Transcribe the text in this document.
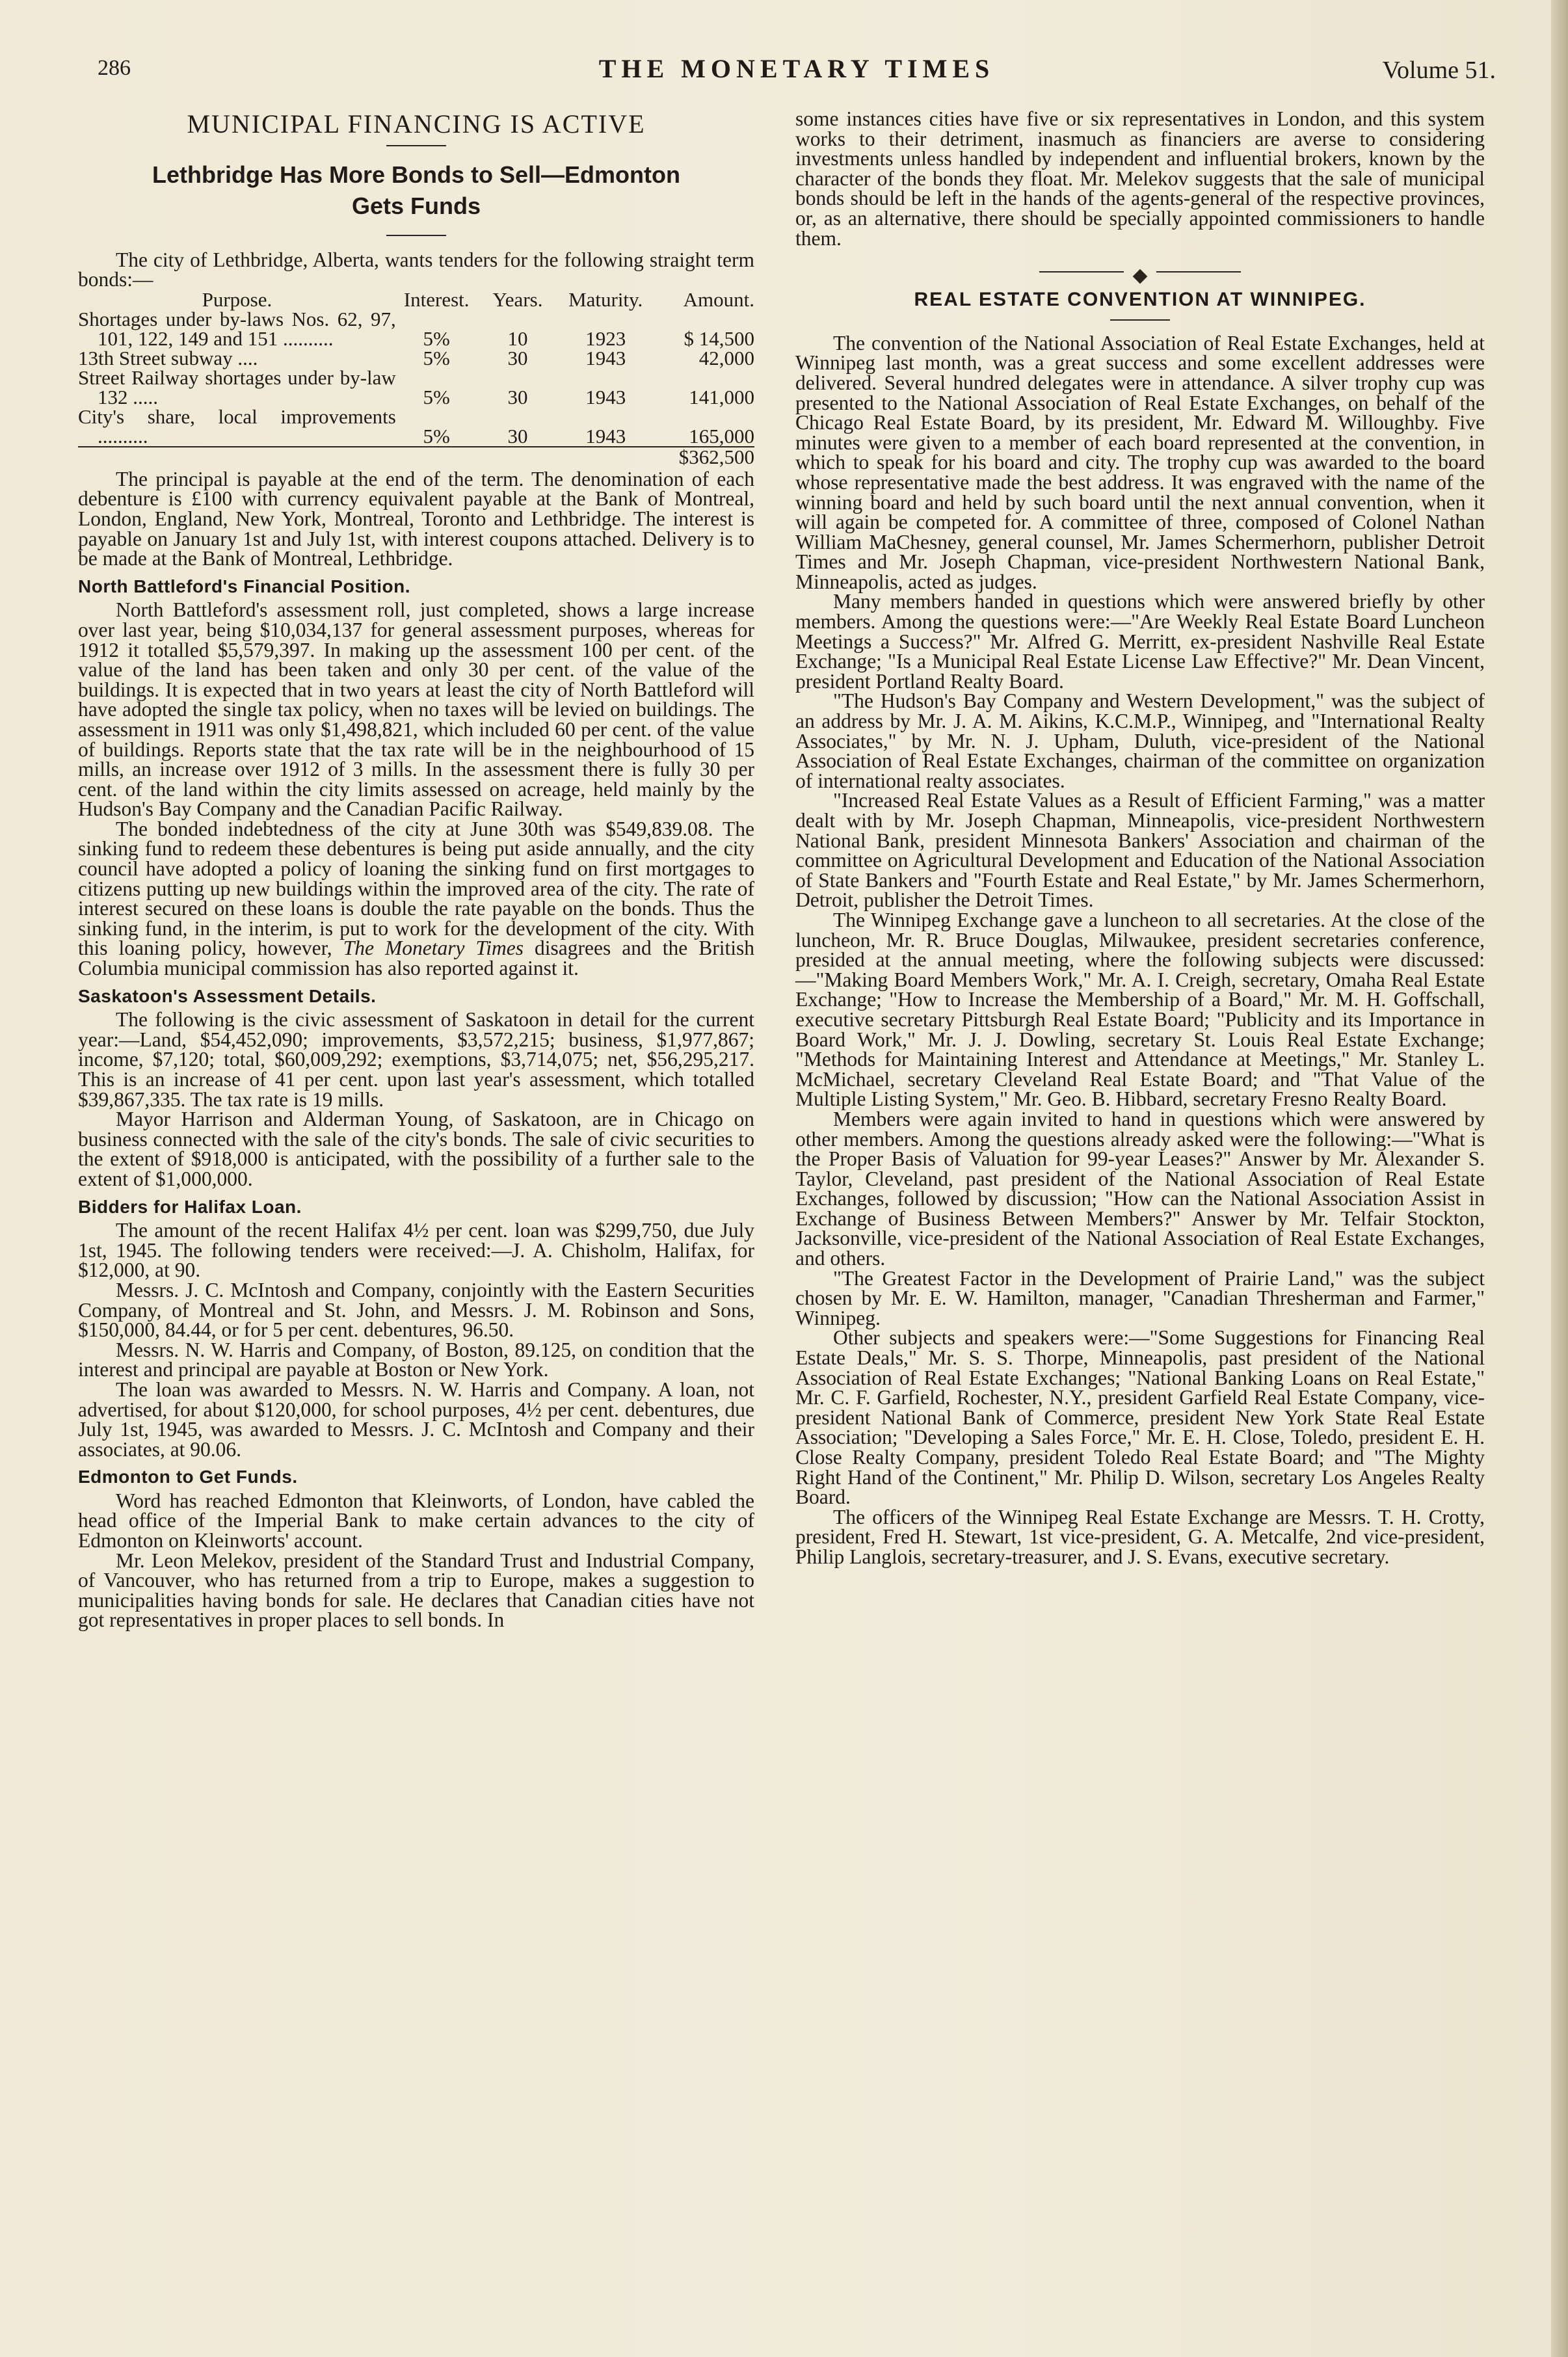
286	THE MONETARY TIMES	Volume 51.
MUNICIPAL FINANCING IS ACTIVE
Lethbridge Has More Bonds to Sell—Edmonton Gets Funds

The city of Lethbridge, Alberta, wants tenders for the following straight term bonds:—

Purpose.	Interest.	Years.	Maturity.	Amount.

Shortages under by-laws Nos. 62, 97, 101, 122, 149 and 151 ..........	5%	10	1923	$ 14,500

13th Street subway ....	5%	30	1943	42,000

Street Railway shortages under by-law 132 .....	5%	30	1943	141,000

City's share, local improvements ..........	5%	30	1943	165,000
				$362,500

The principal is payable at the end of the term. The denomination of each debenture is £100 with currency equivalent payable at the Bank of Montreal, London, England, New York, Montreal, Toronto and Lethbridge. The interest is payable on January 1st and July 1st, with interest coupons attached. Delivery is to be made at the Bank of Montreal, Lethbridge.

North Battleford's Financial Position.

North Battleford's assessment roll, just completed, shows a large increase over last year, being $10,034,137 for general assessment purposes, whereas for 1912 it totalled $5,579,397. In making up the assessment 100 per cent. of the value of the land has been taken and only 30 per cent. of the value of the buildings. It is expected that in two years at least the city of North Battleford will have adopted the single tax policy, when no taxes will be levied on buildings. The assessment in 1911 was only $1,498,821, which included 60 per cent. of the value of buildings. Reports state that the tax rate will be in the neighbourhood of 15 mills, an increase over 1912 of 3 mills. In the assessment there is fully 30 per cent. of the land within the city limits assessed on acreage, held mainly by the Hudson's Bay Company and the Canadian Pacific Railway.

The bonded indebtedness of the city at June 30th was $549,839.08. The sinking fund to redeem these debentures is being put aside annually, and the city council have adopted a policy of loaning the sinking fund on first mortgages to citizens putting up new buildings within the improved area of the city. The rate of interest secured on these loans is double the rate payable on the bonds. Thus the sinking fund, in the interim, is put to work for the development of the city. With this loaning policy, however, The Monetary Times disagrees and the British Columbia municipal commission has also reported against it.

Saskatoon's Assessment Details.

The following is the civic assessment of Saskatoon in detail for the current year:—Land, $54,452,090; improvements, $3,572,215; business, $1,977,867; income, $7,120; total, $60,009,292; exemptions, $3,714,075; net, $56,295,217. This is an increase of 41 per cent. upon last year's assessment, which totalled $39,867,335. The tax rate is 19 mills.

Mayor Harrison and Alderman Young, of Saskatoon, are in Chicago on business connected with the sale of the city's bonds. The sale of civic securities to the extent of $918,000 is anticipated, with the possibility of a further sale to the extent of $1,000,000.

Bidders for Halifax Loan.

The amount of the recent Halifax 4½ per cent. loan was $299,750, due July 1st, 1945. The following tenders were received:—J. A. Chisholm, Halifax, for $12,000, at 90.

Messrs. J. C. McIntosh and Company, conjointly with the Eastern Securities Company, of Montreal and St. John, and Messrs. J. M. Robinson and Sons, $150,000, 84.44, or for 5 per cent. debentures, 96.50.

Messrs. N. W. Harris and Company, of Boston, 89.125, on condition that the interest and principal are payable at Boston or New York.

The loan was awarded to Messrs. N. W. Harris and Company. A loan, not advertised, for about $120,000, for school purposes, 4½ per cent. debentures, due July 1st, 1945, was awarded to Messrs. J. C. McIntosh and Company and their associates, at 90.06.

Edmonton to Get Funds.

Word has reached Edmonton that Kleinworts, of London, have cabled the head office of the Imperial Bank to make certain advances to the city of Edmonton on Kleinworts' account.

Mr. Leon Melekov, president of the Standard Trust and Industrial Company, of Vancouver, who has returned from a trip to Europe, makes a suggestion to municipalities having bonds for sale. He declares that Canadian cities have not got representatives in proper places to sell bonds. In

some instances cities have five or six representatives in London, and this system works to their detriment, inasmuch as financiers are averse to considering investments unless handled by independent and influential brokers, known by the character of the bonds they float. Mr. Melekov suggests that the sale of municipal bonds should be left in the hands of the agents-general of the respective provinces, or, as an alternative, there should be specially appointed commissioners to handle them.

REAL ESTATE CONVENTION AT WINNIPEG.

The convention of the National Association of Real Estate Exchanges, held at Winnipeg last month, was a great success and some excellent addresses were delivered. Several hundred delegates were in attendance. A silver trophy cup was presented to the National Association of Real Estate Exchanges, on behalf of the Chicago Real Estate Board, by its president, Mr. Edward M. Willoughby. Five minutes were given to a member of each board represented at the convention, in which to speak for his board and city. The trophy cup was awarded to the board whose representative made the best address. It was engraved with the name of the winning board and held by such board until the next annual convention, when it will again be competed for. A committee of three, composed of Colonel Nathan William MaChesney, general counsel, Mr. James Schermerhorn, publisher Detroit Times and Mr. Joseph Chapman, vice-president Northwestern National Bank, Minneapolis, acted as judges.

Many members handed in questions which were answered briefly by other members. Among the questions were:—"Are Weekly Real Estate Board Luncheon Meetings a Success?" Mr. Alfred G. Merritt, ex-president Nashville Real Estate Exchange; "Is a Municipal Real Estate License Law Effective?" Mr. Dean Vincent, president Portland Realty Board.

"The Hudson's Bay Company and Western Development," was the subject of an address by Mr. J. A. M. Aikins, K.C.M.P., Winnipeg, and "International Realty Associates," by Mr. N. J. Upham, Duluth, vice-president of the National Association of Real Estate Exchanges, chairman of the committee on organization of international realty associates.

"Increased Real Estate Values as a Result of Efficient Farming," was a matter dealt with by Mr. Joseph Chapman, Minneapolis, vice-president Northwestern National Bank, president Minnesota Bankers' Association and chairman of the committee on Agricultural Development and Education of the National Association of State Bankers and "Fourth Estate and Real Estate," by Mr. James Schermerhorn, Detroit, publisher the Detroit Times.

The Winnipeg Exchange gave a luncheon to all secretaries. At the close of the luncheon, Mr. R. Bruce Douglas, Milwaukee, president secretaries conference, presided at the annual meeting, where the following subjects were discussed:—"Making Board Members Work," Mr. A. I. Creigh, secretary, Omaha Real Estate Exchange; "How to Increase the Membership of a Board," Mr. M. H. Goffschall, executive secretary Pittsburgh Real Estate Board; "Publicity and its Importance in Board Work," Mr. J. J. Dowling, secretary St. Louis Real Estate Exchange; "Methods for Maintaining Interest and Attendance at Meetings," Mr. Stanley L. McMichael, secretary Cleveland Real Estate Board; and "That Value of the Multiple Listing System," Mr. Geo. B. Hibbard, secretary Fresno Realty Board.

Members were again invited to hand in questions which were answered by other members. Among the questions already asked were the following:—"What is the Proper Basis of Valuation for 99-year Leases?" Answer by Mr. Alexander S. Taylor, Cleveland, past president of the National Association of Real Estate Exchanges, followed by discussion; "How can the National Association Assist in Exchange of Business Between Members?" Answer by Mr. Telfair Stockton, Jacksonville, vice-president of the National Association of Real Estate Exchanges, and others.

"The Greatest Factor in the Development of Prairie Land," was the subject chosen by Mr. E. W. Hamilton, manager, "Canadian Thresherman and Farmer," Winnipeg.

Other subjects and speakers were:—"Some Suggestions for Financing Real Estate Deals," Mr. S. S. Thorpe, Minneapolis, past president of the National Association of Real Estate Exchanges; "National Banking Loans on Real Estate," Mr. C. F. Garfield, Rochester, N.Y., president Garfield Real Estate Company, vice-president National Bank of Commerce, president New York State Real Estate Association; "Developing a Sales Force," Mr. E. H. Close, Toledo, president E. H. Close Realty Company, president Toledo Real Estate Board; and "The Mighty Right Hand of the Continent," Mr. Philip D. Wilson, secretary Los Angeles Realty Board.

The officers of the Winnipeg Real Estate Exchange are Messrs. T. H. Crotty, president, Fred H. Stewart, 1st vice-president, G. A. Metcalfe, 2nd vice-president, Philip Langlois, secretary-treasurer, and J. S. Evans, executive secretary.
